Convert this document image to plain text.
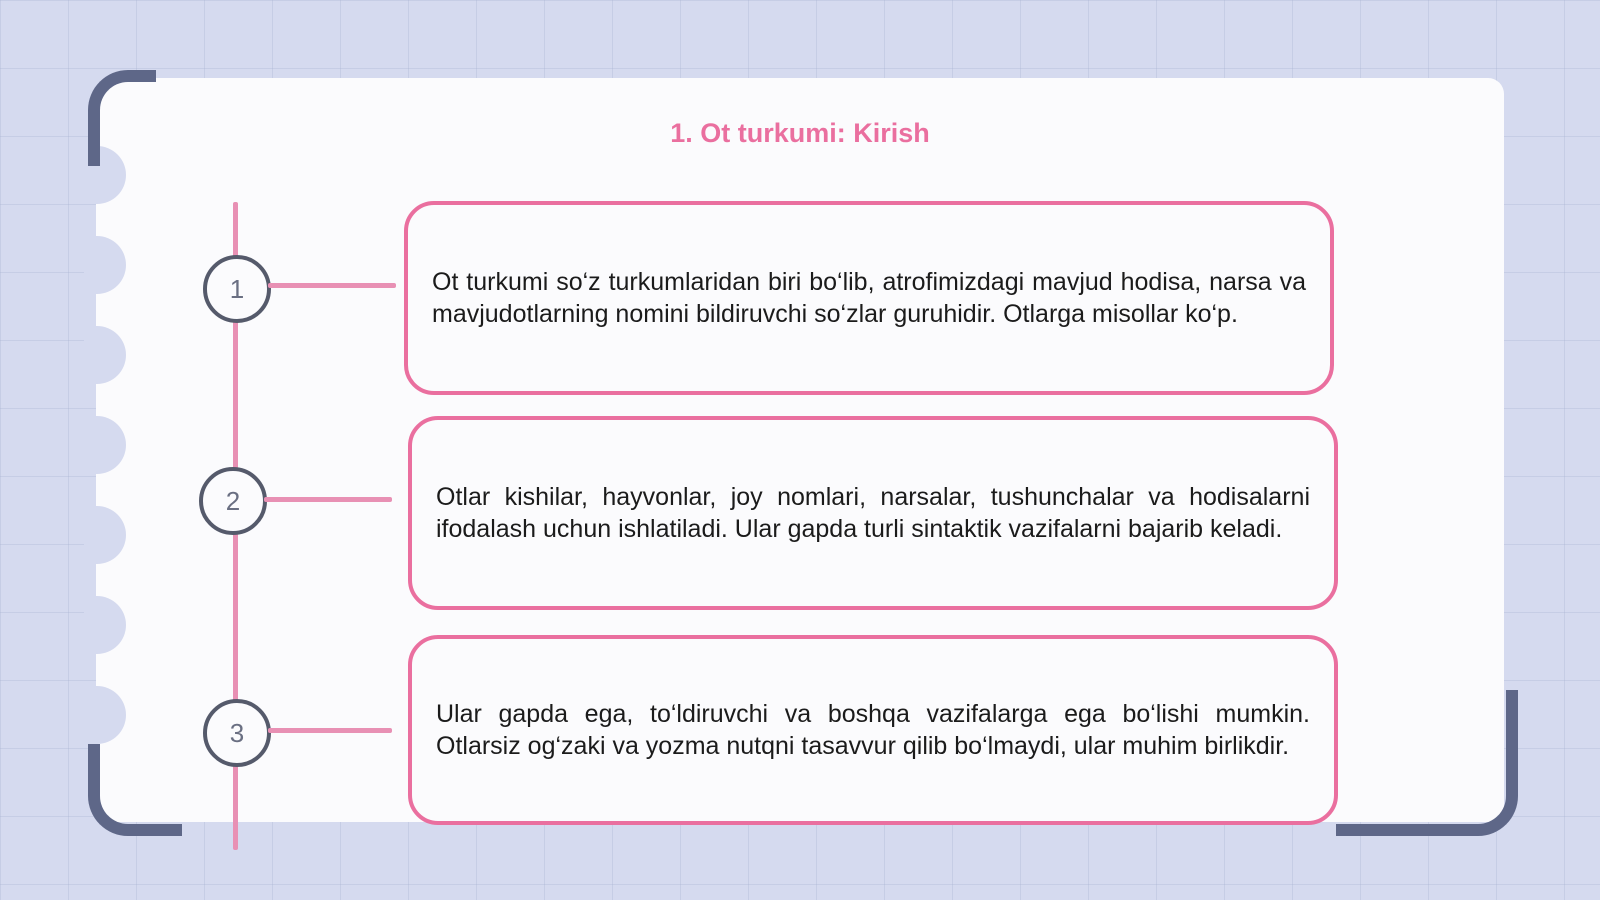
1. Ot turkumi: Kirish
1	Ot turkumi so‘z turkumlaridan biri bo‘lib, atrofimizdagi mavjud hodisa, narsa va mavjudotlarning nomini bildiruvchi so‘zlar guruhidir. Otlarga misollar ko‘p.

2	Otlar kishilar, hayvonlar, joy nomlari, narsalar, tushunchalar va hodisalarni ifodalash uchun ishlatiladi. Ular gapda turli sintaktik vazifalarni bajarib keladi.

3

Ular gapda ega, to‘ldiruvchi va boshqa vazifalarga ega bo‘lishi mumkin. Otlarsiz og‘zaki va yozma nutqni tasavvur qilib bo‘lmaydi, ular muhim birlikdir.
